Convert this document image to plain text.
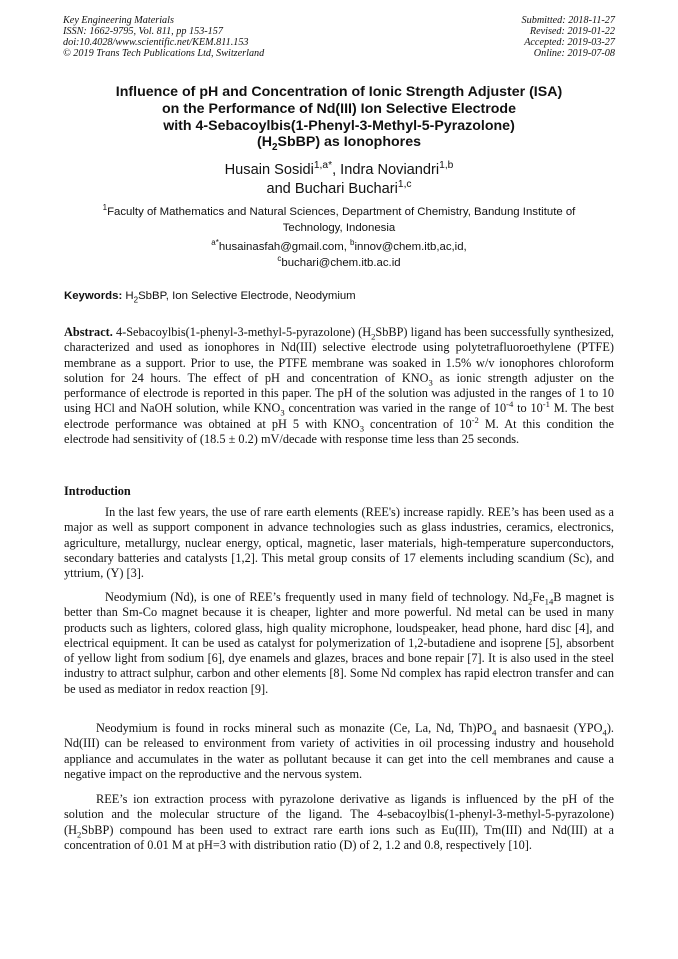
Key Engineering Materials
ISSN: 1662-9795, Vol. 811, pp 153-157
doi:10.4028/www.scientific.net/KEM.811.153
© 2019 Trans Tech Publications Ltd, Switzerland
Submitted: 2018-11-27
Revised: 2019-01-22
Accepted: 2019-03-27
Online: 2019-07-08
Influence of pH and Concentration of Ionic Strength Adjuster (ISA)
on the Performance of Nd(III) Ion Selective Electrode
with 4-Sebacoylbis(1-Phenyl-3-Methyl-5-Pyrazolone)
$(H_2SbBP)$ as Ionophores
Husain Sosidi$^{1,a*}$, Indra Noviandri$^{1,b}$
and Buchari Buchari$^{1,c}$
$^1$Faculty of Mathematics and Natural Sciences, Department of Chemistry, Bandung Institute of
Technology, Indonesia
$^{a*}$husainasfah@gmail.com, $^b$innov@chem.itb,ac,id,
$^c$buchari@chem.itb.ac.id
Keywords: $H_2SbBP$, Ion Selective Electrode, Neodymium
Abstract. 4-Sebacoylbis(1-phenyl-3-methyl-5-pyrazolone) $(H_2SbBP)$ ligand has been successfully synthesized, characterized and used as ionophores in Nd(III) selective electrode using polytetrafluoroethylene (PTFE) membrane as a support. Prior to use, the PTFE membrane was soaked in 1.5% w/v ionophores chloroform solution for 24 hours. The effect of pH and concentration of $KNO_3$ as ionic strength adjuster on the performance of electrode is reported in this paper. The pH of the solution was adjusted in the ranges of 1 to 10 using HCl and NaOH solution, while $KNO_3$ concentration was varied in the range of $10^{-4}$ to $10^{-1}$ M. The best electrode performance was obtained at pH 5 with $KNO_3$ concentration of $10^{-2}$ M. At this condition the electrode had sensitivity of (18.5 ± 0.2) mV/decade with response time less than 25 seconds.
Introduction

In the last few years, the use of rare earth elements (REE's) increase rapidly. REE’s has been used as a major as well as support component in advance technologies such as glass industries, ceramics, electronics, agriculture, metallurgy, nuclear energy, optical, magnetic, laser materials, high-temperature superconductors, secondary batteries and catalysts [1,2]. This metal group consits of 17 elements including scandium (Sc), and yttrium, (Y) [3].

Neodymium (Nd), is one of REE’s frequently used in many field of technology. $Nd_2Fe_{14}B$ magnet is better than Sm-Co magnet because it is cheaper, lighter and more powerful. Nd metal can be used in many products such as lighters, colored glass, high quality microphone, loudspeaker, head phone, hard disc [4], and electrical equipment. It can be used as catalyst for polymerization of 1,2-butadiene and isoprene [5], absorbent of yellow light from sodium [6], dye enamels and glazes, braces and bone repair [7]. It is also used in the steel industry to attract sulphur, carbon and other elements [8]. Some Nd complex has rapid electron transfer and can be used as mediator in redox reaction [9].

Neodymium is found in rocks mineral such as monazite (Ce, La, Nd, $Th)PO_4$ and basnaesit $(YPO_4)$. Nd(III) can be released to environment from variety of activities in oil processing industry and household appliance and accumulates in the water as pollutant because it can get into the cell membranes and cause a negative impact on the reproductive and the nervous system.

REE’s ion extraction process with pyrazolone derivative as ligands is influenced by the pH of the solution and the molecular structure of the ligand. The 4-sebacoylbis(1-phenyl-3-methyl-5-pyrazolone) $(H_2SbBP)$ compound has been used to extract rare earth ions such as Eu(III), Tm(III) and Nd(III) at a concentration of 0.01 M at pH=3 with distribution ratio (D) of 2, 1.2 and 0.8, respectively [10].
